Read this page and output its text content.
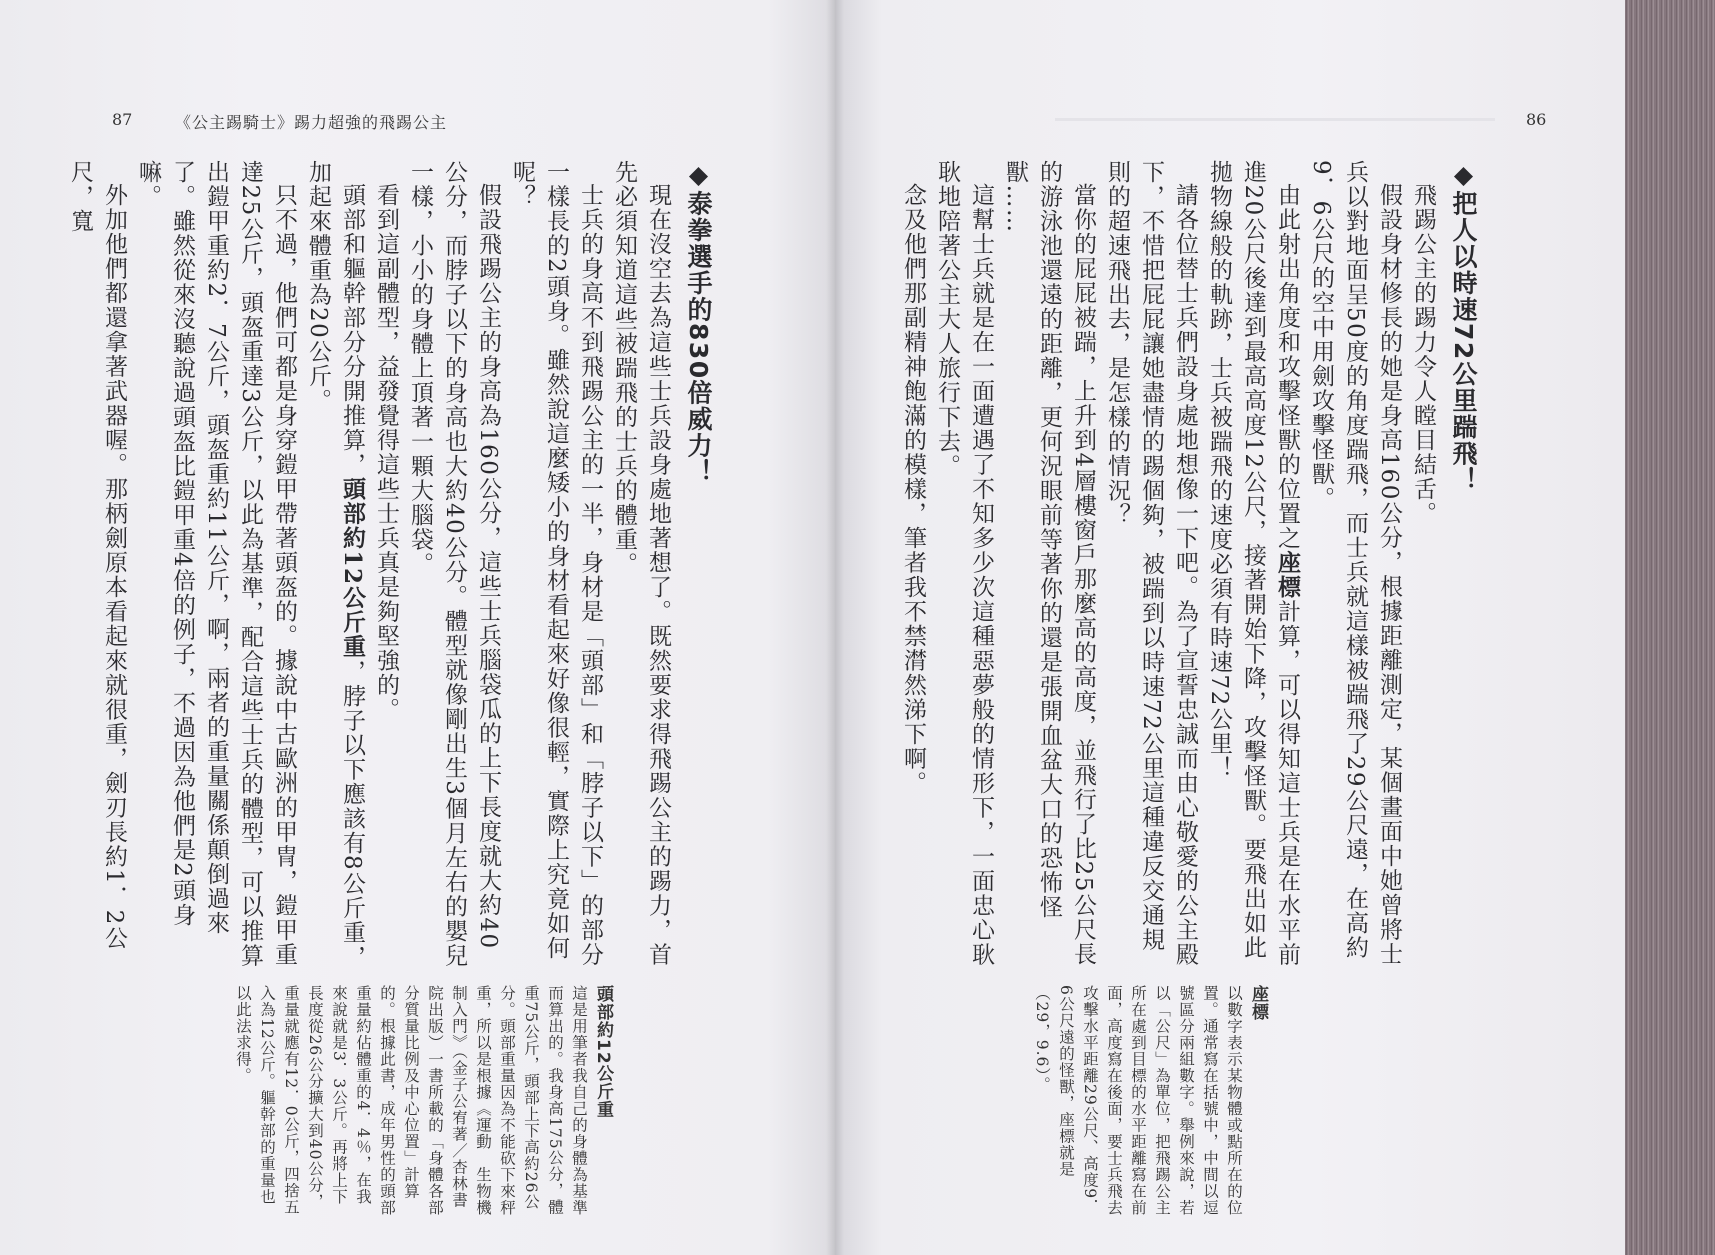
87	《公主踢騎士》踢力超強的飛踢公主	86

◆把人以時速72公里踹飛！

飛踢公主的踢力令人瞠目結舌。

假設身材修長的她是身高160公分，根據距離測定，某個畫面中她曾將士兵以對地面呈50度的角度踹飛，而士兵就這樣被踹飛了29公尺遠，在高約9．6公尺的空中用劍攻擊怪獸。

由此射出角度和攻擊怪獸的位置之座標計算，可以得知這士兵是在水平前進20公尺後達到最高高度12公尺，接著開始下降，攻擊怪獸。要飛出如此拋物線般的軌跡，士兵被踹飛的速度必須有時速72公里！

請各位替士兵們設身處地想像一下吧。為了宣誓忠誠而由心敬愛的公主殿下，不惜把屁屁讓她盡情的踢個夠，被踹到以時速72公里這種違反交通規則的超速飛出去，是怎樣的情況？

當你的屁屁被踹，上升到4層樓窗戶那麼高的高度，並飛行了比25公尺長的游泳池還遠的距離，更何況眼前等著你的還是張開血盆大口的恐怖怪獸……

這幫士兵就是在一面遭遇了不知多少次這種惡夢般的情形下，一面忠心耿耿地陪著公主大人旅行下去。

念及他們那副精神飽滿的模樣，筆者我不禁潸然涕下啊。

座標

以數字表示某物體或點所在的位置。通常寫在括號中，中間以逗號區分兩組數字。舉例來說，若以「公尺」為單位，把飛踢公主所在處到目標的水平距離寫在前面，高度寫在後面，要士兵飛去攻擊水平距離29公尺、高度9．6公尺遠的怪獸，座標就是（29，9.6）。

◆泰拳選手的830倍威力！

現在沒空去為這些士兵設身處地著想了。既然要求得飛踢公主的踢力，首先必須知道這些被踹飛的士兵的體重。

士兵的身高不到飛踢公主的一半，身材是「頭部」和「脖子以下」的部分一樣長的2頭身。雖然說這麼矮小的身材看起來好像很輕，實際上究竟如何呢？

假設飛踢公主的身高為160公分，這些士兵腦袋瓜的上下長度就大約40公分，而脖子以下的身高也大約40公分。體型就像剛出生3個月左右的嬰兒一樣，小小的身體上頂著一顆大腦袋。

看到這副體型，益發覺得這些士兵真是夠堅強的。

頭部和軀幹部分分開推算，頭部約12公斤重，脖子以下應該有8公斤重，加起來體重為20公斤。

只不過，他們可都是身穿鎧甲帶著頭盔的。據說中古歐洲的甲冑，鎧甲重達25公斤，頭盔重達3公斤，以此為基準，配合這些士兵的體型，可以推算出鎧甲重約2．7公斤，頭盔重約11公斤，啊，兩者的重量關係顛倒過來了。雖然從來沒聽說過頭盔比鎧甲重4倍的例子，不過因為他們是2頭身嘛。

外加他們都還拿著武器喔。那柄劍原本看起來就很重，劍刃長約1．2公尺，寬

頭部約12公斤重

這是用筆者我自己的身體為基準而算出的。我身高175公分，體重75公斤，頭部上下高約26公分。頭部重量因為不能砍下來秤重，所以是根據《運動　生物機制入門》（金子公宥著／杏林書院出版）一書所載的「身體各部分質量比例及中心位置」計算的。根據此書，成年男性的頭部重量約佔體重的4．4％，在我來說就是3．3公斤。再將上下長度從26公分擴大到40公分，重量就應有12．0公斤，四捨五入為12公斤。軀幹部的重量也以此法求得。
